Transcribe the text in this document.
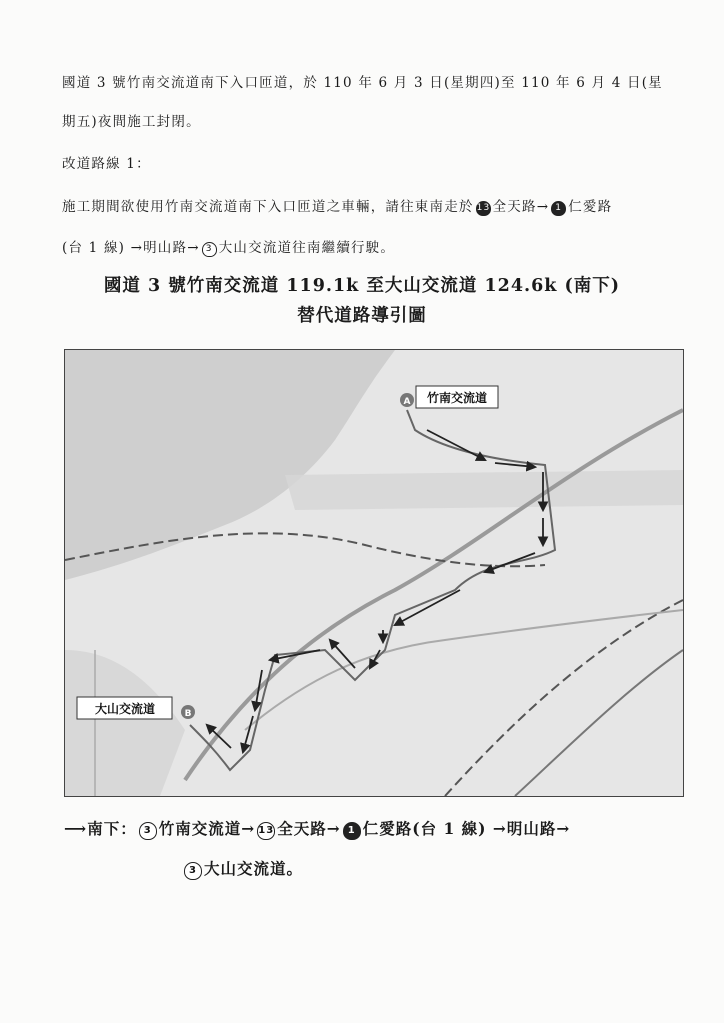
國道 3 號竹南交流道南下入口匝道，於 110 年 6 月 3 日(星期四)至 110 年 6 月 4 日(星
期五)夜間施工封閉。
改道路線 1：
施工期間欲使用竹南交流道南下入口匝道之車輛，請往東南走於 13 全天路→ 1 仁愛路
(台 1 線) →明山路→ 3 大山交流道往南繼續行駛。
國道 3 號竹南交流道 119.1k 至大山交流道 124.6k (南下)
替代道路導引圖
A
B
竹南交流道
大山交流道
⟶南下： 3 竹南交流道→ 13 全天路→ 1 仁愛路(台 1 線) →明山路→
3 大山交流道。
